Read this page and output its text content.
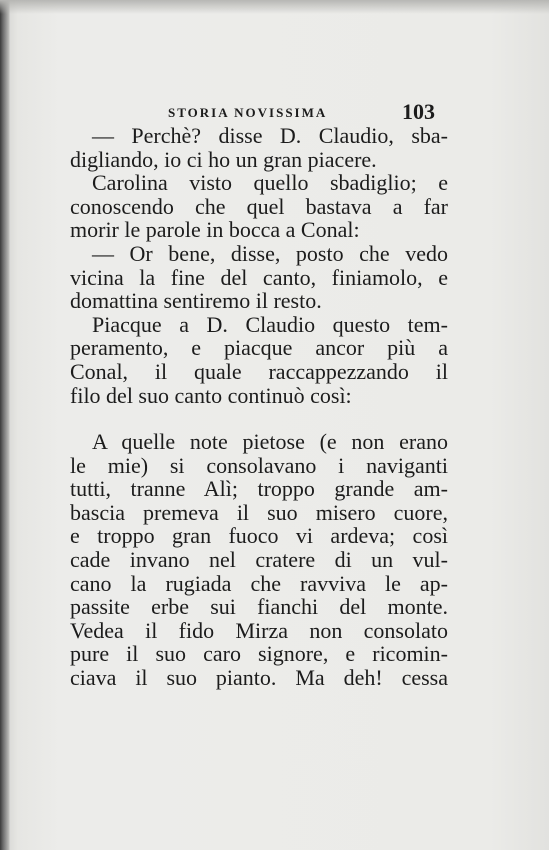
STORIA NOVISSIMA	103
— Perchè? disse D. Claudio, sba-
digliando, io ci ho un gran piacere.
Carolina visto quello sbadiglio; e
conoscendo che quel bastava a far
morir le parole in bocca a Conal:
— Or bene, disse, posto che vedo
vicina la fine del canto, finiamolo, e
domattina sentiremo il resto.
Piacque a D. Claudio questo tem-
peramento, e piacque ancor più a
Conal, il quale raccappezzando il
filo del suo canto continuò così:
A quelle note pietose (e non erano
le mie) si consolavano i naviganti
tutti, tranne Alì; troppo grande am-
bascia premeva il suo misero cuore,
e troppo gran fuoco vi ardeva; così
cade invano nel cratere di un vul-
cano la rugiada che ravviva le ap-
passite erbe sui fianchi del monte.
Vedea il fido Mirza non consolato
pure il suo caro signore, e ricomin-
ciava il suo pianto. Ma deh! cessa
